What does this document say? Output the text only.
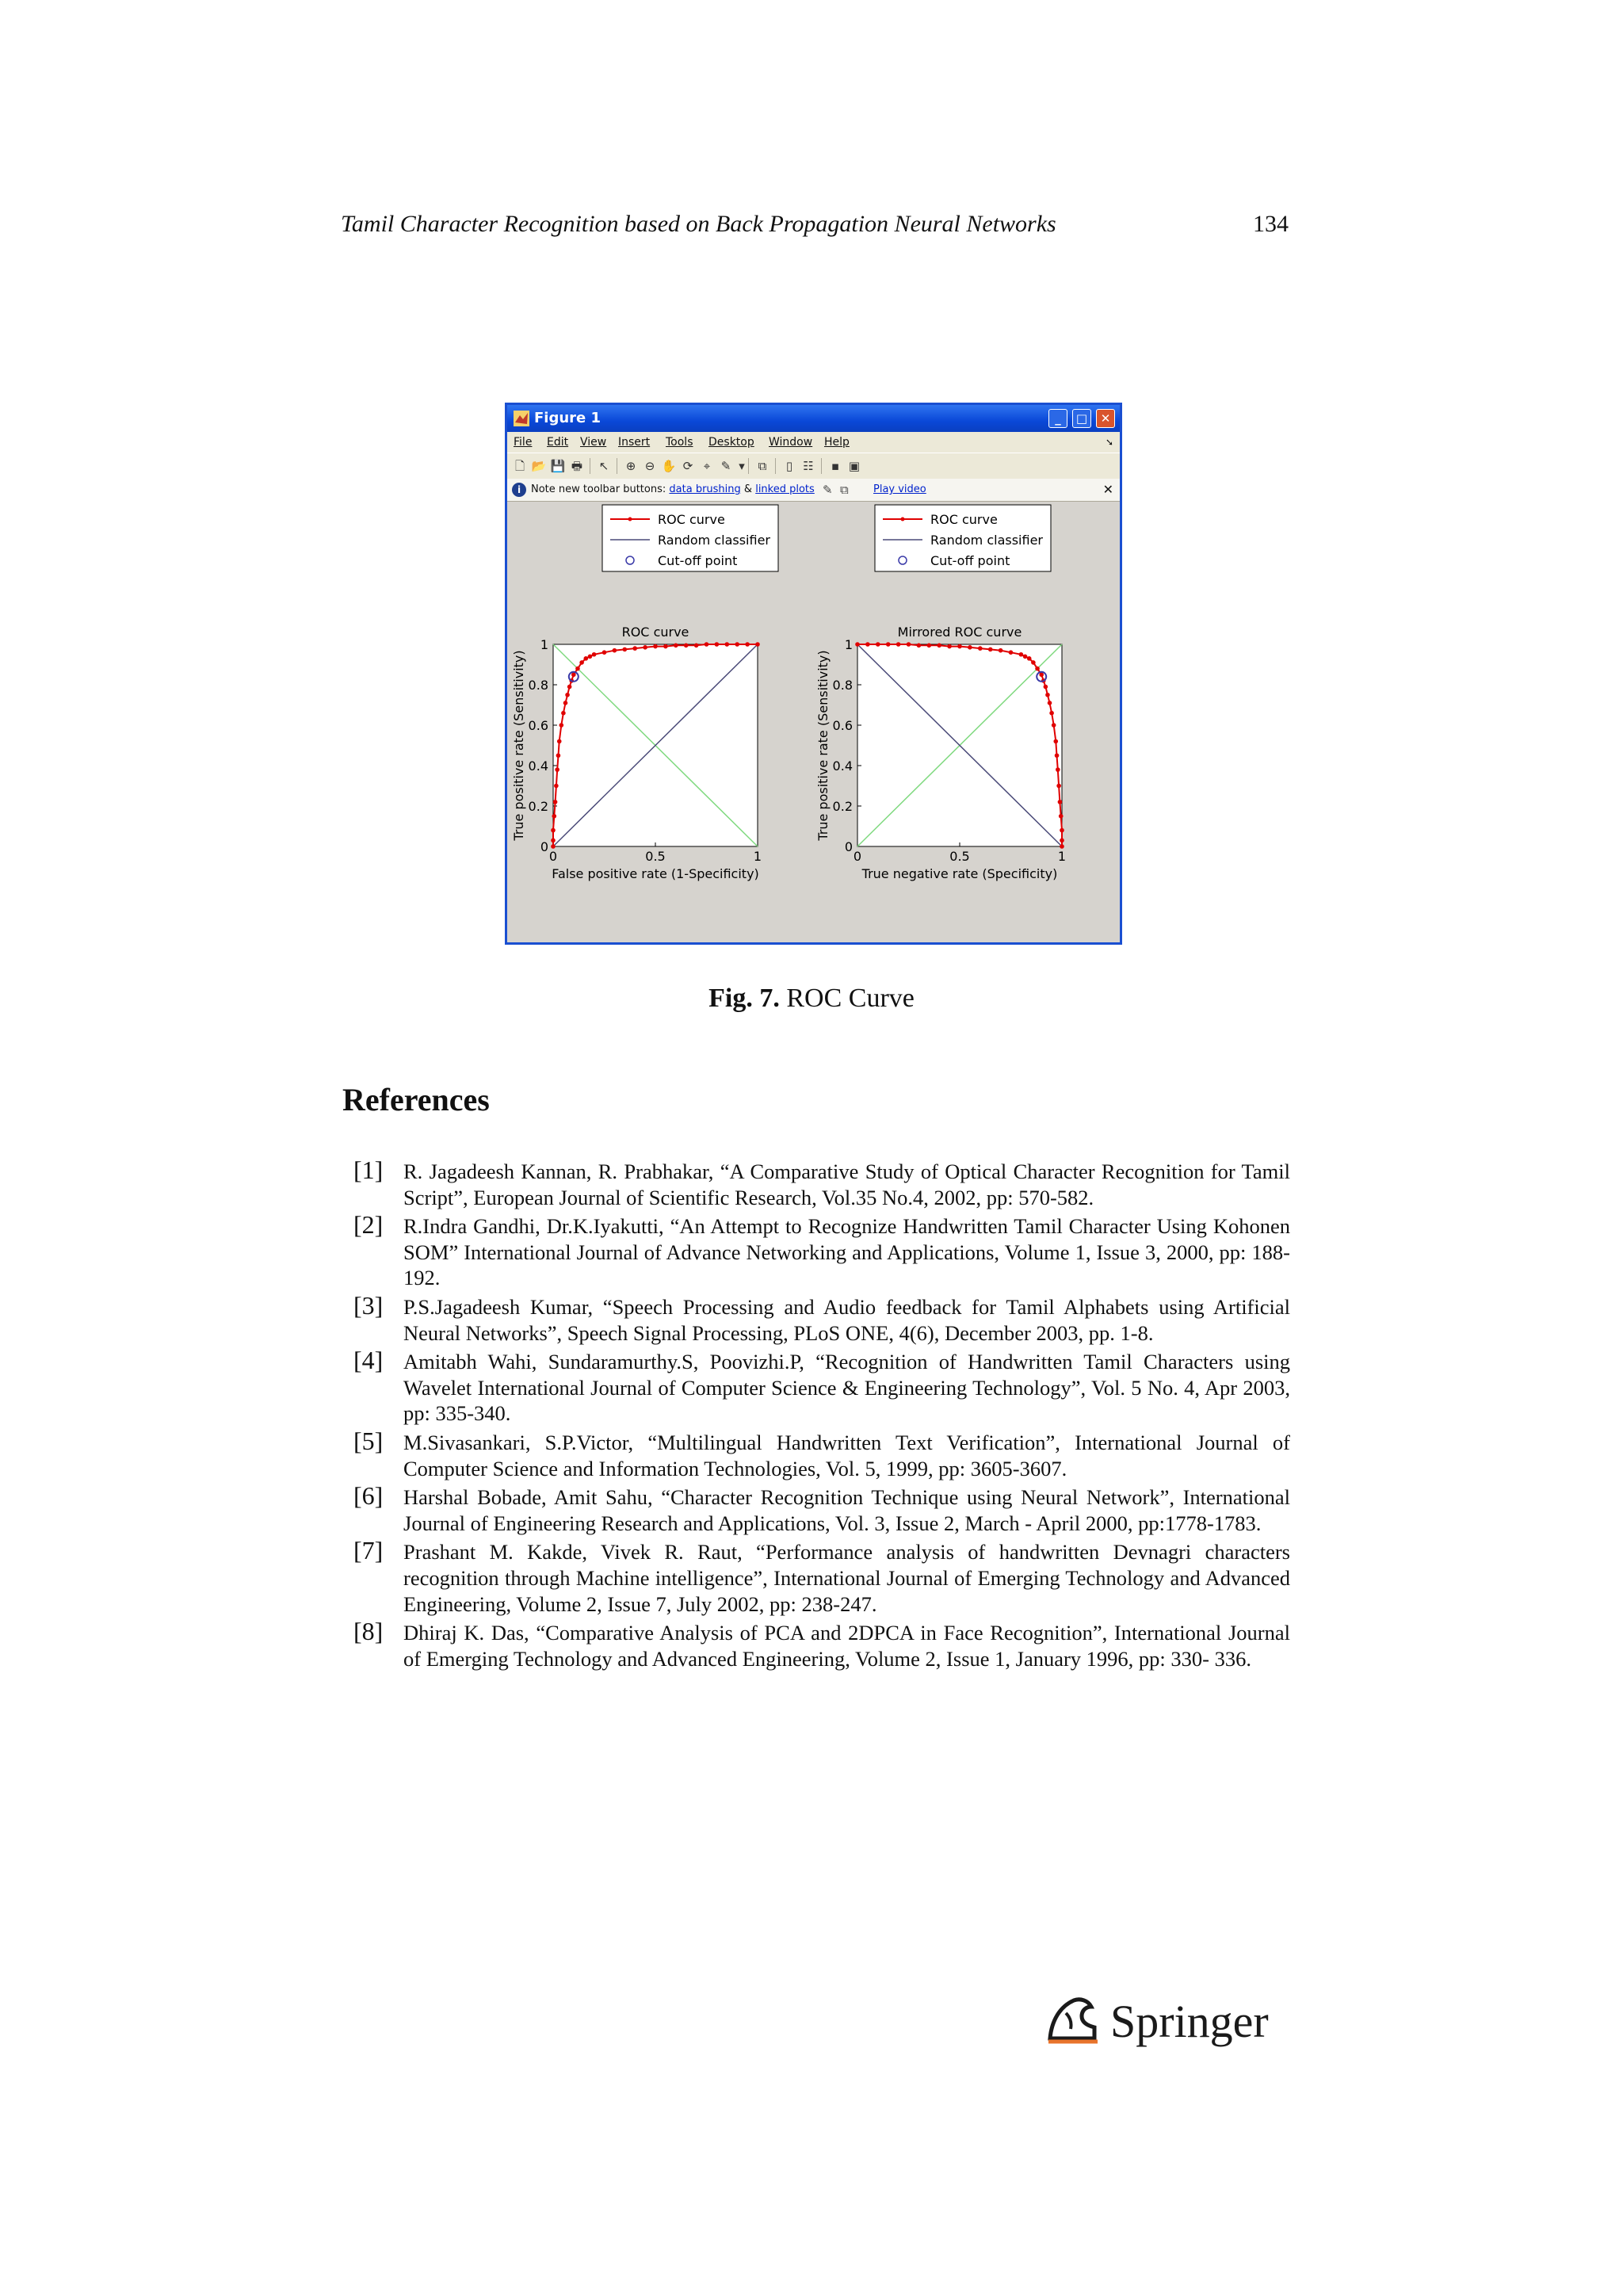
Tamil Character Recognition based on Back Propagation Neural Networks	134
Figure 1	_	□	✕
File Edit View Insert Tools Desktop Window Help	➘
🗋 📂 💾 🖶 ↖ ⊕ ⊖ ✋ ⟳ ⌖ ✎ ▾	⧉	▯ ☷	▪ ▣
i Note new toolbar buttons: data brushing & linked plots ✎ ⧉ Play video	✕
ROC curve
Random classifier
Cut-off point
ROC curve
0
0.2
0.4
0.6
0.8
1
0	0.5	1
False positive rate (1-Specificity)
True positive rate (Sensitivity)
ROC curve
Random classifier
Cut-off point
Mirrored ROC curve
0
0.2
0.4
0.6
0.8
1
0	0.5	1
True negative rate (Specificity)
True positive rate (Sensitivity)
Fig. 7. ROC Curve
References
[1] R. Jagadeesh Kannan, R. Prabhakar, “A Comparative Study of Optical Character Recognition for Tamil Script”, European Journal of Scientific Research, Vol.35 No.4, 2002, pp: 570-582.
[2] R.Indra Gandhi, Dr.K.Iyakutti, “An Attempt to Recognize Handwritten Tamil Character Using Kohonen SOM” International Journal of Advance Networking and Applications, Volume 1, Issue 3, 2000, pp: 188-192.
[3] P.S.Jagadeesh Kumar, “Speech Processing and Audio feedback for Tamil Alphabets using Artificial Neural Networks”, Speech Signal Processing, PLoS ONE, 4(6), December 2003, pp. 1-8.
[4] Amitabh Wahi, Sundaramurthy.S, Poovizhi.P, “Recognition of Handwritten Tamil Characters using Wavelet International Journal of Computer Science & Engineering Technology”, Vol. 5 No. 4, Apr 2003, pp: 335-340.
[5] M.Sivasankari, S.P.Victor, “Multilingual Handwritten Text Verification”, International Journal of Computer Science and Information Technologies, Vol. 5, 1999, pp: 3605-3607.
[6] Harshal Bobade, Amit Sahu, “Character Recognition Technique using Neural Network”, International Journal of Engineering Research and Applications, Vol. 3, Issue 2, March - April 2000, pp:1778-1783.
[7] Prashant M. Kakde, Vivek R. Raut, “Performance analysis of handwritten Devnagri characters recognition through Machine intelligence”, International Journal of Emerging Technology and Advanced Engineering, Volume 2, Issue 7, July 2002, pp: 238-247.
[8] Dhiraj K. Das, “Comparative Analysis of PCA and 2DPCA in Face Recognition”, International Journal of Emerging Technology and Advanced Engineering, Volume 2, Issue 1, January 1996, pp: 330- 336.
Springer
